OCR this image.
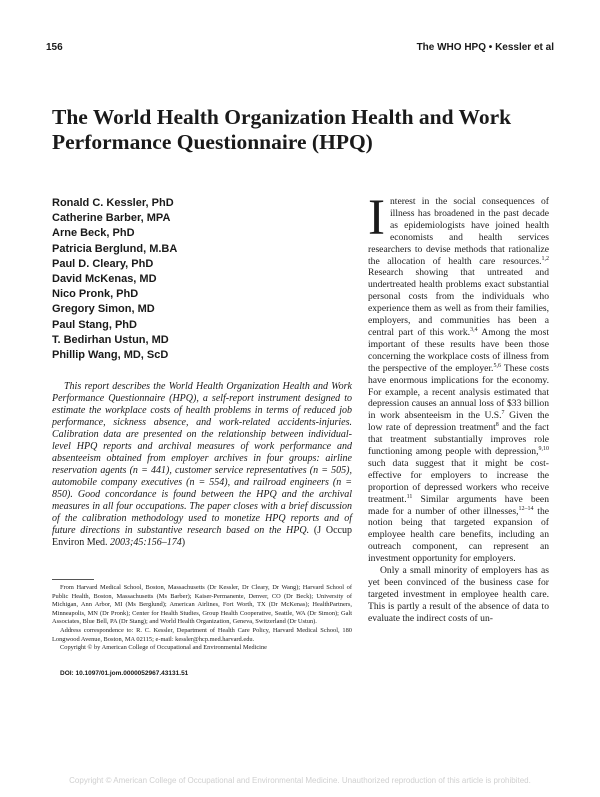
156	The WHO HPQ • Kessler et al
The World Health Organization Health and Work Performance Questionnaire (HPQ)
Ronald C. Kessler, PhD
Catherine Barber, MPA
Arne Beck, PhD
Patricia Berglund, M.BA
Paul D. Cleary, PhD
David McKenas, MD
Nico Pronk, PhD
Gregory Simon, MD
Paul Stang, PhD
T. Bedirhan Ustun, MD
Phillip Wang, MD, ScD

This report describes the World Health Organization Health and Work Performance Questionnaire (HPQ), a self-report instrument designed to estimate the workplace costs of health problems in terms of reduced job performance, sickness absence, and work-related accidents-injuries. Calibration data are presented on the relationship between individual-level HPQ reports and archival measures of work performance and absenteeism obtained from employer archives in four groups: airline reservation agents (n = 441), customer service representatives (n = 505), automobile company executives (n = 554), and railroad engineers (n = 850). Good concordance is found between the HPQ and the archival measures in all four occupations. The paper closes with a brief discussion of the calibration methodology used to monetize HPQ reports and of future directions in substantive research based on the HPQ. (J Occup Environ Med. 2003;45:156–174)

From Harvard Medical School, Boston, Massachusetts (Dr Kessler, Dr Cleary, Dr Wang); Harvard School of Public Health, Boston, Massachusetts (Ms Barber); Kaiser-Permanente, Denver, CO (Dr Beck); University of Michigan, Ann Arbor, MI (Ms Berglund); American Airlines, Fort Worth, TX (Dr McKenas); HealthPartners, Minneapolis, MN (Dr Pronk); Center for Health Studies, Group Health Cooperative, Seattle, WA (Dr Simon); Galt Associates, Blue Bell, PA (Dr Stang); and World Health Organization, Geneva, Switzerland (Dr Ustun).

Address correspondence to: R. C. Kessler, Department of Health Care Policy, Harvard Medical School, 180 Longwood Avenue, Boston, MA 02115; e-mail: kessler@hcp.med.harvard.edu.

Copyright © by American College of Occupational and Environmental Medicine

DOI: 10.1097/01.jom.0000052967.43131.51

Interest in the social consequences of illness has broadened in the past decade as epidemiologists have joined health economists and health services researchers to devise methods that rationalize the allocation of health care resources.$^{1,2}$ Research showing that untreated and undertreated health problems exact substantial personal costs from the individuals who experience them as well as from their families, employers, and communities has been a central part of this work.$^{3,4}$ Among the most important of these results have been those concerning the workplace costs of illness from the perspective of the employer.$^{5,6}$ These costs have enormous implications for the economy. For example, a recent analysis estimated that depression causes an annual loss of $33 billion in work absenteeism in the U.S.$^7$ Given the low rate of depression treatment$^8$ and the fact that treatment substantially improves role functioning among people with depression,$^{9,10}$ such data suggest that it might be cost-effective for employers to increase the proportion of depressed workers who receive treatment.$^{11}$ Similar arguments have been made for a number of other illnesses,$^{12-14}$ the notion being that targeted expansion of employee health care benefits, including an outreach component, can represent an investment opportunity for employers.

Only a small minority of employers has as yet been convinced of the business case for targeted investment in employee health care. This is partly a result of the absence of data to evaluate the indirect costs of un-

Copyright © American College of Occupational and Environmental Medicine. Unauthorized reproduction of this article is prohibited.
